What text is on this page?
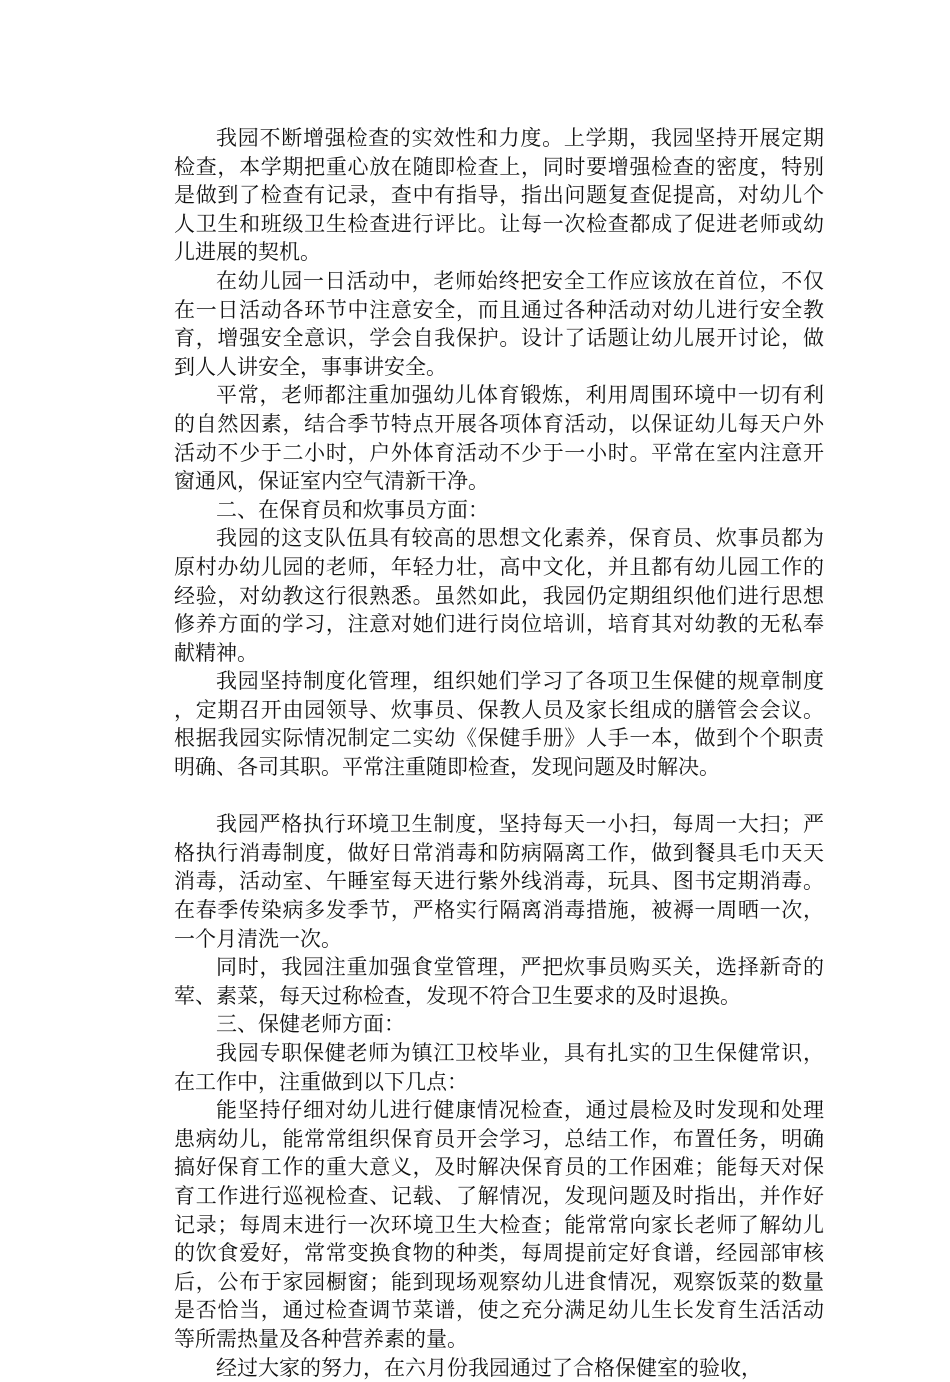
我园不断增强检查的实效性和力度。上学期，我园坚持开展定期检查，本学期把重心放在随即检查上，同时要增强检查的密度，特别是做到了检查有记录，查中有指导，指出问题复查促提高，对幼儿个人卫生和班级卫生检查进行评比。让每一次检查都成了促进老师或幼儿进展的契机。

在幼儿园一日活动中，老师始终把安全工作应该放在首位，不仅在一日活动各环节中注意安全，而且通过各种活动对幼儿进行安全教育，增强安全意识，学会自我保护。设计了话题让幼儿展开讨论，做到人人讲安全，事事讲安全。

平常，老师都注重加强幼儿体育锻炼，利用周围环境中一切有利的自然因素，结合季节特点开展各项体育活动，以保证幼儿每天户外活动不少于二小时，户外体育活动不少于一小时。平常在室内注意开窗通风，保证室内空气清新干净。

二、在保育员和炊事员方面：

我园的这支队伍具有较高的思想文化素养，保育员、炊事员都为原村办幼儿园的老师，年轻力壮，高中文化，并且都有幼儿园工作的经验，对幼教这行很熟悉。虽然如此，我园仍定期组织他们进行思想修养方面的学习，注意对她们进行岗位培训，培育其对幼教的无私奉献精神。

我园坚持制度化管理，组织她们学习了各项卫生保健的规章制度，定期召开由园领导、炊事员、保教人员及家长组成的膳管会会议。根据我园实际情况制定二实幼《保健手册》人手一本，做到个个职责明确、各司其职。平常注重随即检查，发现问题及时解决。

我园严格执行环境卫生制度，坚持每天一小扫，每周一大扫；严格执行消毒制度，做好日常消毒和防病隔离工作，做到餐具毛巾天天消毒，活动室、午睡室每天进行紫外线消毒，玩具、图书定期消毒。在春季传染病多发季节，严格实行隔离消毒措施，被褥一周晒一次，一个月清洗一次。

同时，我园注重加强食堂管理，严把炊事员购买关，选择新奇的荤、素菜，每天过称检查，发现不符合卫生要求的及时退换。

三、保健老师方面：

我园专职保健老师为镇江卫校毕业，具有扎实的卫生保健常识，在工作中，注重做到以下几点：

能坚持仔细对幼儿进行健康情况检查，通过晨检及时发现和处理患病幼儿，能常常组织保育员开会学习，总结工作，布置任务，明确搞好保育工作的重大意义，及时解决保育员的工作困难；能每天对保育工作进行巡视检查、记载、了解情况，发现问题及时指出，并作好记录；每周末进行一次环境卫生大检查；能常常向家长老师了解幼儿的饮食爱好，常常变换食物的种类，每周提前定好食谱，经园部审核后，公布于家园橱窗；能到现场观察幼儿进食情况，观察饭菜的数量是否恰当，通过检查调节菜谱，使之充分满足幼儿生长发育生活活动等所需热量及各种营养素的量。

经过大家的努力，在六月份我园通过了合格保健室的验收，
